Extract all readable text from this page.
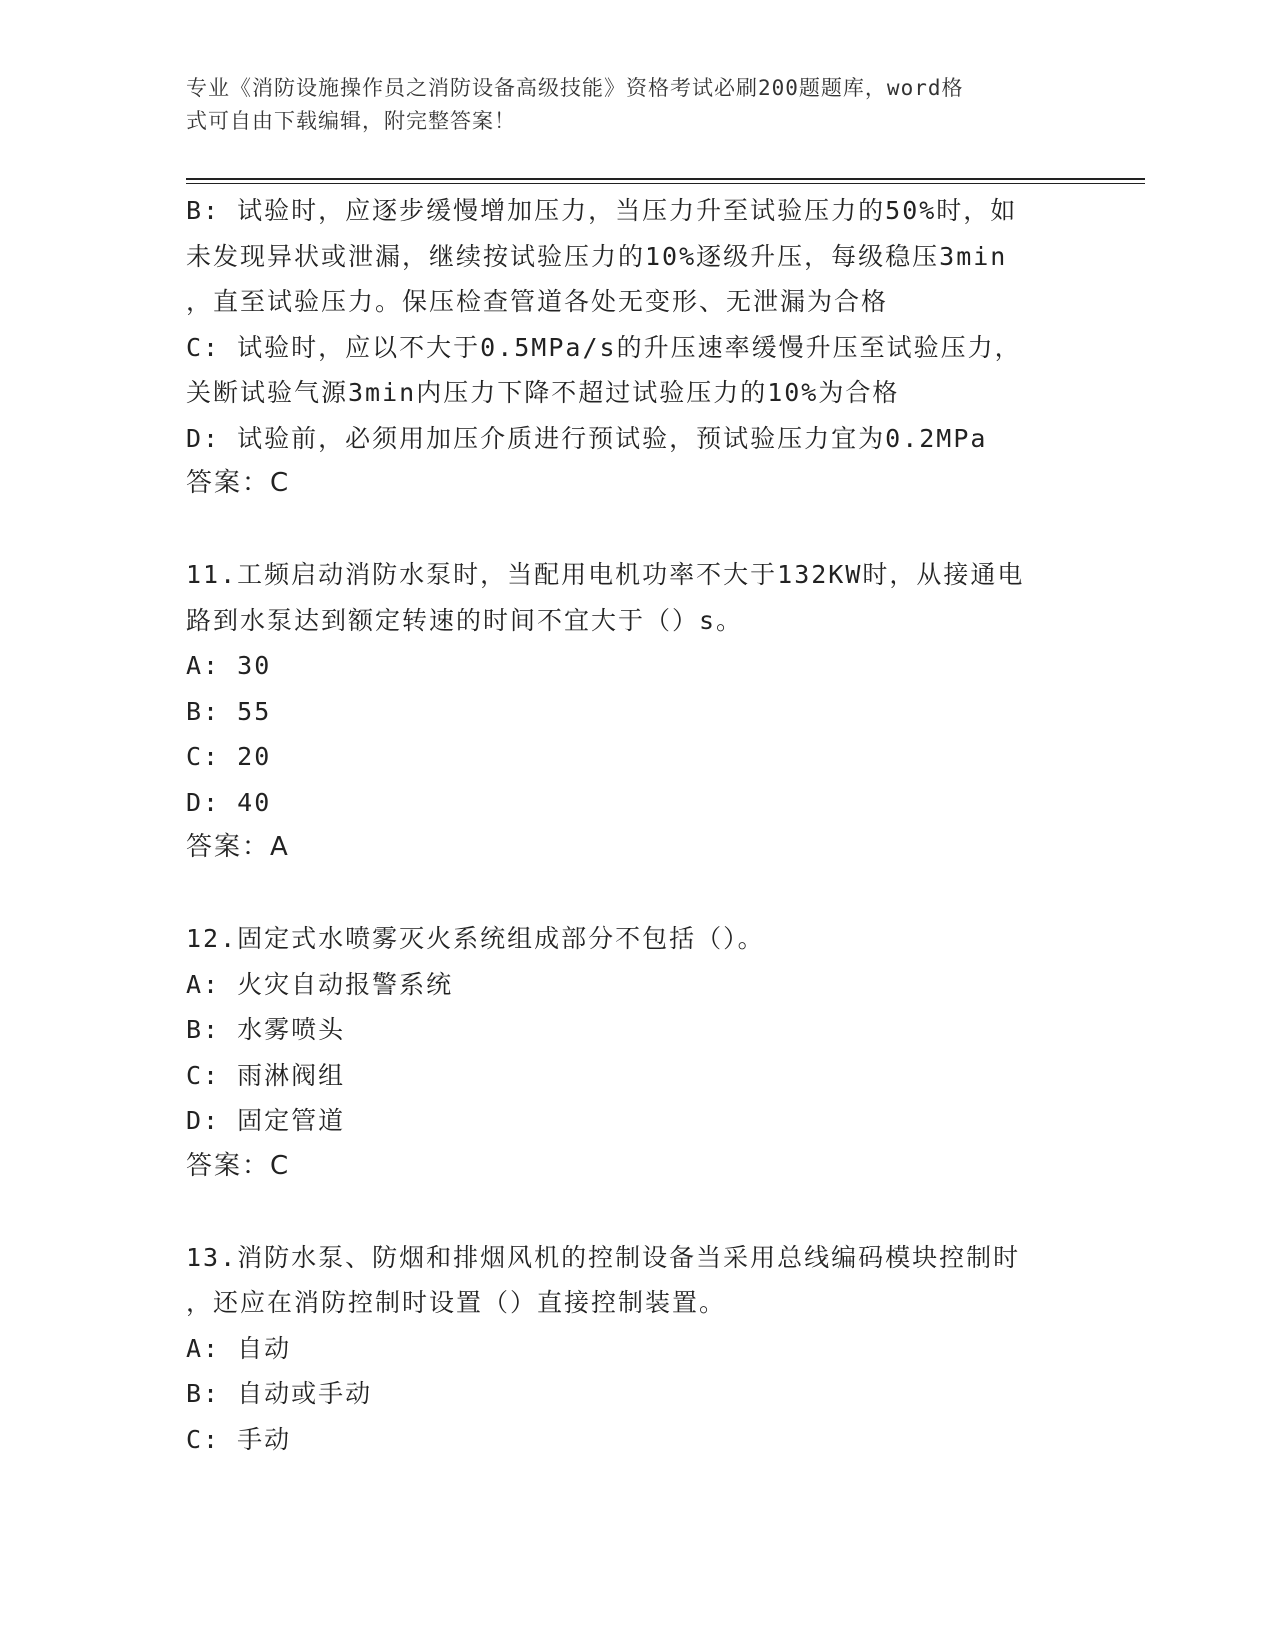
专业《消防设施操作员之消防设备高级技能》资格考试必刷200题题库，word格
式可自由下载编辑，附完整答案！
B: 试验时，应逐步缓慢增加压力，当压力升至试验压力的50%时，如
未发现异状或泄漏，继续按试验压力的10%逐级升压，每级稳压3min
，直至试验压力。保压检查管道各处无变形、无泄漏为合格
C: 试验时，应以不大于0.5MPa/s的升压速率缓慢升压至试验压力，
关断试验气源3min内压力下降不超过试验压力的10%为合格
D: 试验前，必须用加压介质进行预试验，预试验压力宜为0.2MPa
答案：C
11.工频启动消防水泵时，当配用电机功率不大于132KW时，从接通电
路到水泵达到额定转速的时间不宜大于（）s。
A: 30
B: 55
C: 20
D: 40
答案：A
12.固定式水喷雾灭火系统组成部分不包括（）。
A: 火灾自动报警系统
B: 水雾喷头
C: 雨淋阀组
D: 固定管道
答案：C
13.消防水泵、防烟和排烟风机的控制设备当采用总线编码模块控制时
，还应在消防控制时设置（）直接控制装置。
A: 自动
B: 自动或手动
C: 手动
